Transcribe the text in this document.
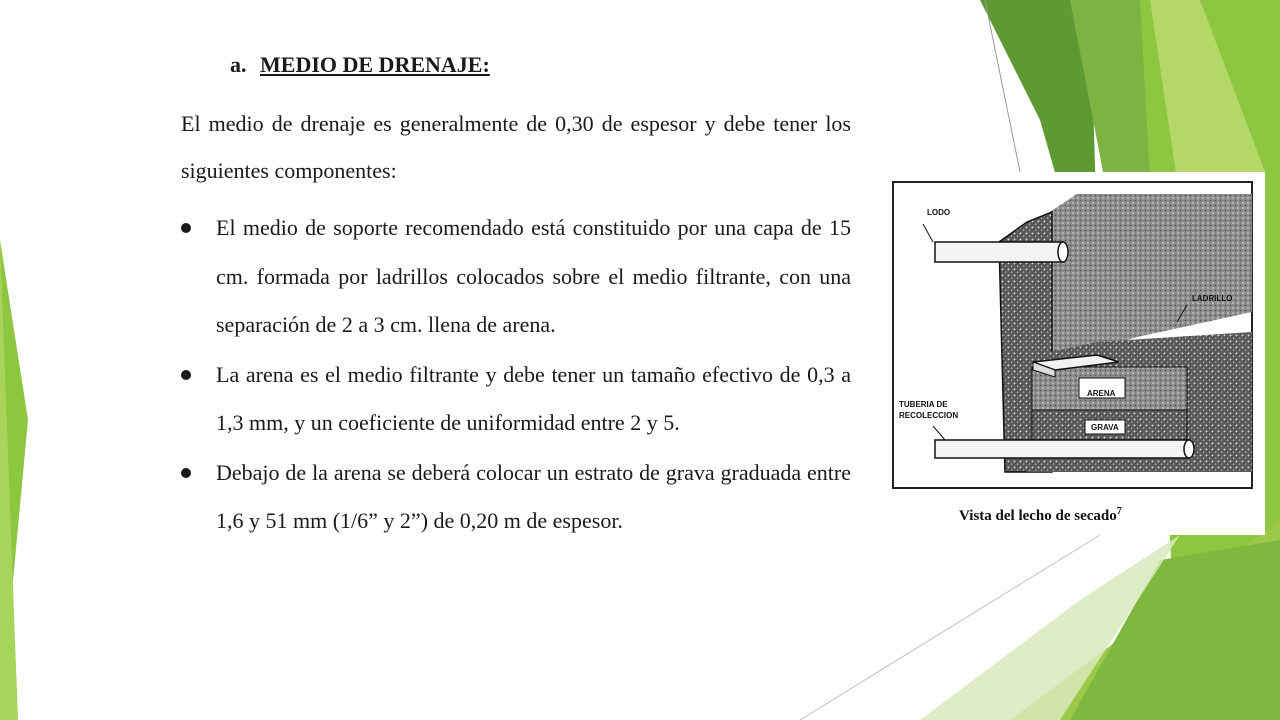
a. MEDIO DE DRENAJE:
El medio de drenaje es generalmente de 0,30 de espesor y debe tener los siguientes componentes:
El medio de soporte recomendado está constituido por una capa de 15 cm. formada por ladrillos colocados sobre el medio filtrante, con una separación de 2 a 3 cm. llena de arena.
La arena es el medio filtrante y debe tener un tamaño efectivo de 0,3 a 1,3 mm, y un coeficiente de uniformidad entre 2 y 5.
Debajo de la arena se deberá colocar un estrato de grava graduada entre 1,6 y 51 mm (1/6” y 2”) de 0,20 m de espesor.
LODO
LADRILLO
ARENA
GRAVA
TUBERIA DE
RECOLECCION
Vista del lecho de secado$^7$
